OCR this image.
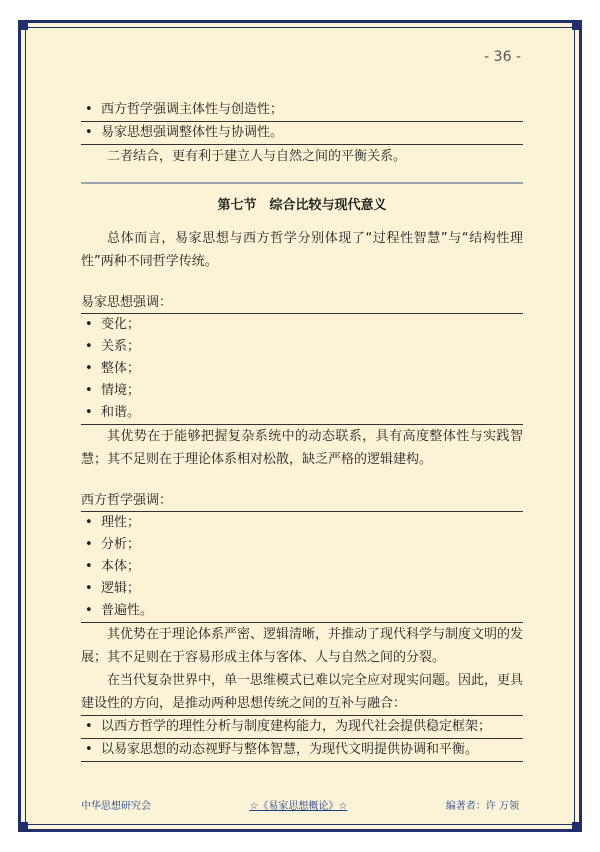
- 36 -
• 西方哲学强调主体性与创造性；
• 易家思想强调整体性与协调性。

二者结合，更有利于建立人与自然之间的平衡关系。

第七节　综合比较与现代意义

总体而言，易家思想与西方哲学分别体现了“过程性智慧”与“结构性理性”两种不同哲学传统。

易家思想强调：
• 变化；
• 关系；
• 整体；
• 情境；
• 和谐。

其优势在于能够把握复杂系统中的动态联系，具有高度整体性与实践智慧；其不足则在于理论体系相对松散，缺乏严格的逻辑建构。

西方哲学强调：
• 理性；
• 分析；
• 本体；
• 逻辑；
• 普遍性。

其优势在于理论体系严密、逻辑清晰，并推动了现代科学与制度文明的发展；其不足则在于容易形成主体与客体、人与自然之间的分裂。

在当代复杂世界中，单一思维模式已难以完全应对现实问题。因此，更具建设性的方向，是推动两种思想传统之间的互补与融合：

• 以西方哲学的理性分析与制度建构能力，为现代社会提供稳定框架；
• 以易家思想的动态视野与整体智慧，为现代文明提供协调和平衡。
中华思想研究会	☆《易家思想概论》☆	编著者：许 万领
